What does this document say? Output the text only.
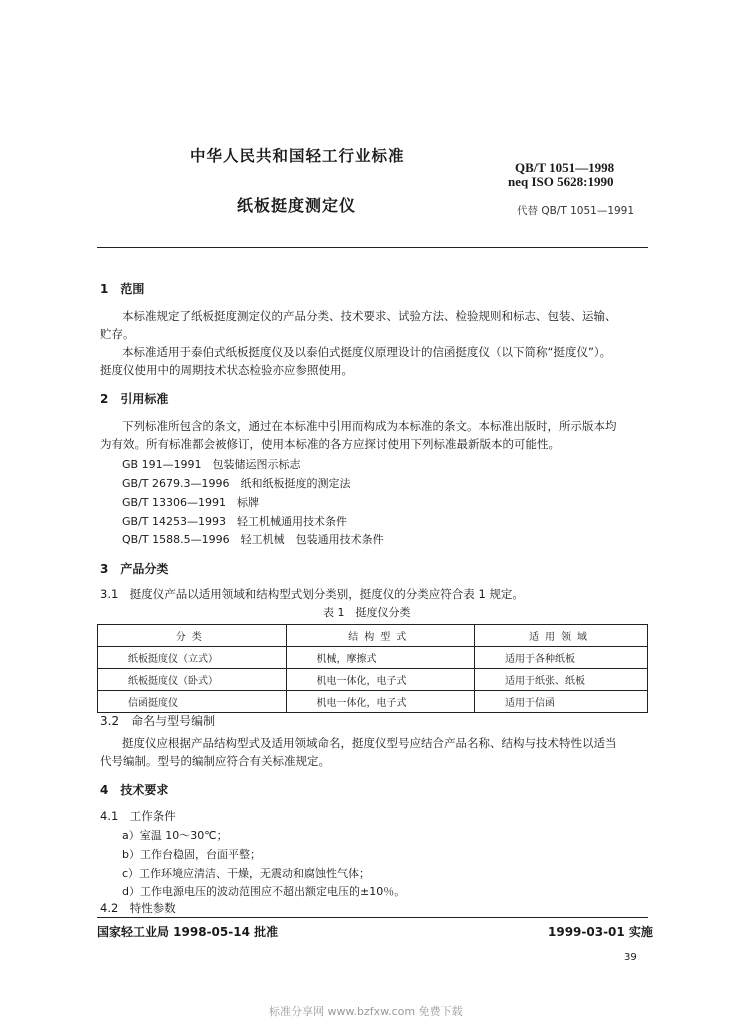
中华人民共和国轻工行业标准
QB/T 1051—1998
neq ISO 5628:1990
纸板挺度测定仪	代替 QB/T 1051—1991
1　范围
本标准规定了纸板挺度测定仪的产品分类、技术要求、试验方法、检验规则和标志、包装、运输、
贮存。
本标准适用于泰伯式纸板挺度仪及以泰伯式挺度仪原理设计的信函挺度仪（以下简称“挺度仪”）。
挺度仪使用中的周期技术状态检验亦应参照使用。
2　引用标准
下列标准所包含的条文，通过在本标准中引用而构成为本标准的条文。本标准出版时，所示版本均
为有效。所有标准都会被修订，使用本标准的各方应探讨使用下列标准最新版本的可能性。
GB 191—1991　包装储运图示标志
GB/T 2679.3—1996　纸和纸板挺度的测定法
GB/T 13306—1991　标牌
GB/T 14253—1993　轻工机械通用技术条件
QB/T 1588.5—1996　轻工机械　包装通用技术条件
3　产品分类
3.1　挺度仪产品以适用领域和结构型式划分类别，挺度仪的分类应符合表 1 规定。
表 1　挺度仪分类
分类	结构型式	适用领域
纸板挺度仪（立式）	机械，摩擦式	适用于各种纸板
纸板挺度仪（卧式）	机电一体化，电子式	适用于纸张、纸板
信函挺度仪	机电一体化，电子式	适用于信函
3.2　命名与型号编制
挺度仪应根据产品结构型式及适用领域命名，挺度仪型号应结合产品名称、结构与技术特性以适当
代号编制。型号的编制应符合有关标准规定。
4　技术要求
4.1　工作条件
a）室温 10～30℃；
b）工作台稳固，台面平整；
c）工作环境应清洁、干燥，无震动和腐蚀性气体；
d）工作电源电压的波动范围应不超出额定电压的±10％。
4.2　特性参数
国家轻工业局 1998-05-14 批准	1999-03-01 实施
39
标准分享网 www.bzfxw.com 免费下载
